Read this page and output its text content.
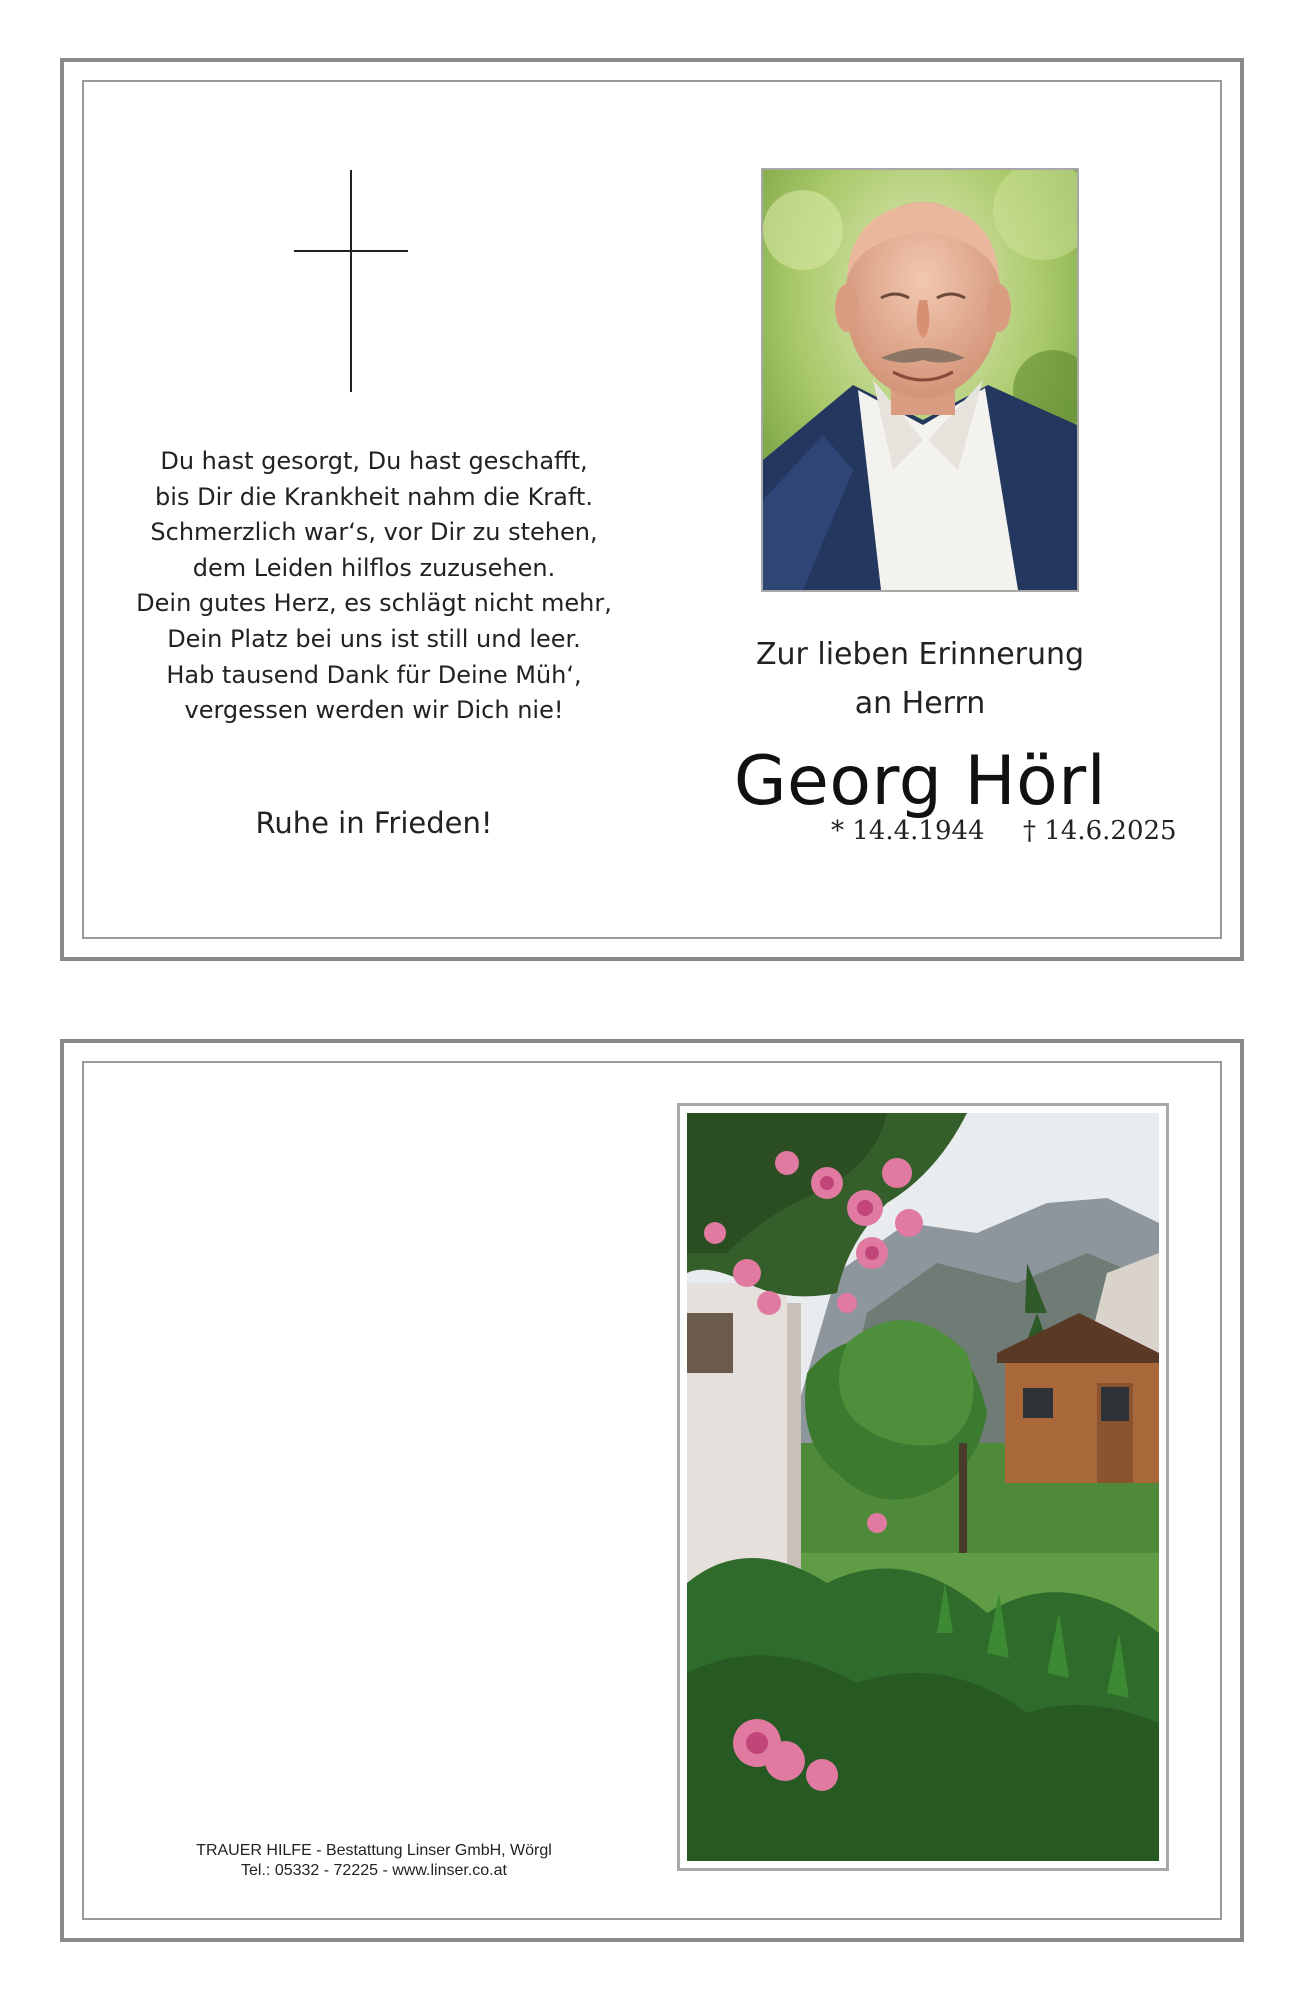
Du hast gesorgt, Du hast geschafft,
bis Dir die Krankheit nahm die Kraft.
Schmerzlich war‘s, vor Dir zu stehen,
dem Leiden hilflos zuzusehen.
Dein gutes Herz, es schlägt nicht mehr,
Dein Platz bei uns ist still und leer.
Hab tausend Dank für Deine Müh‘,
vergessen werden wir Dich nie!
Ruhe in Frieden!
Zur lieben Erinnerung
an Herrn
Georg Hörl
* 14.4.1944 † 14.6.2025
TRAUER HILFE - Bestattung Linser GmbH, Wörgl
Tel.: 05332 - 72225 - www.linser.co.at
